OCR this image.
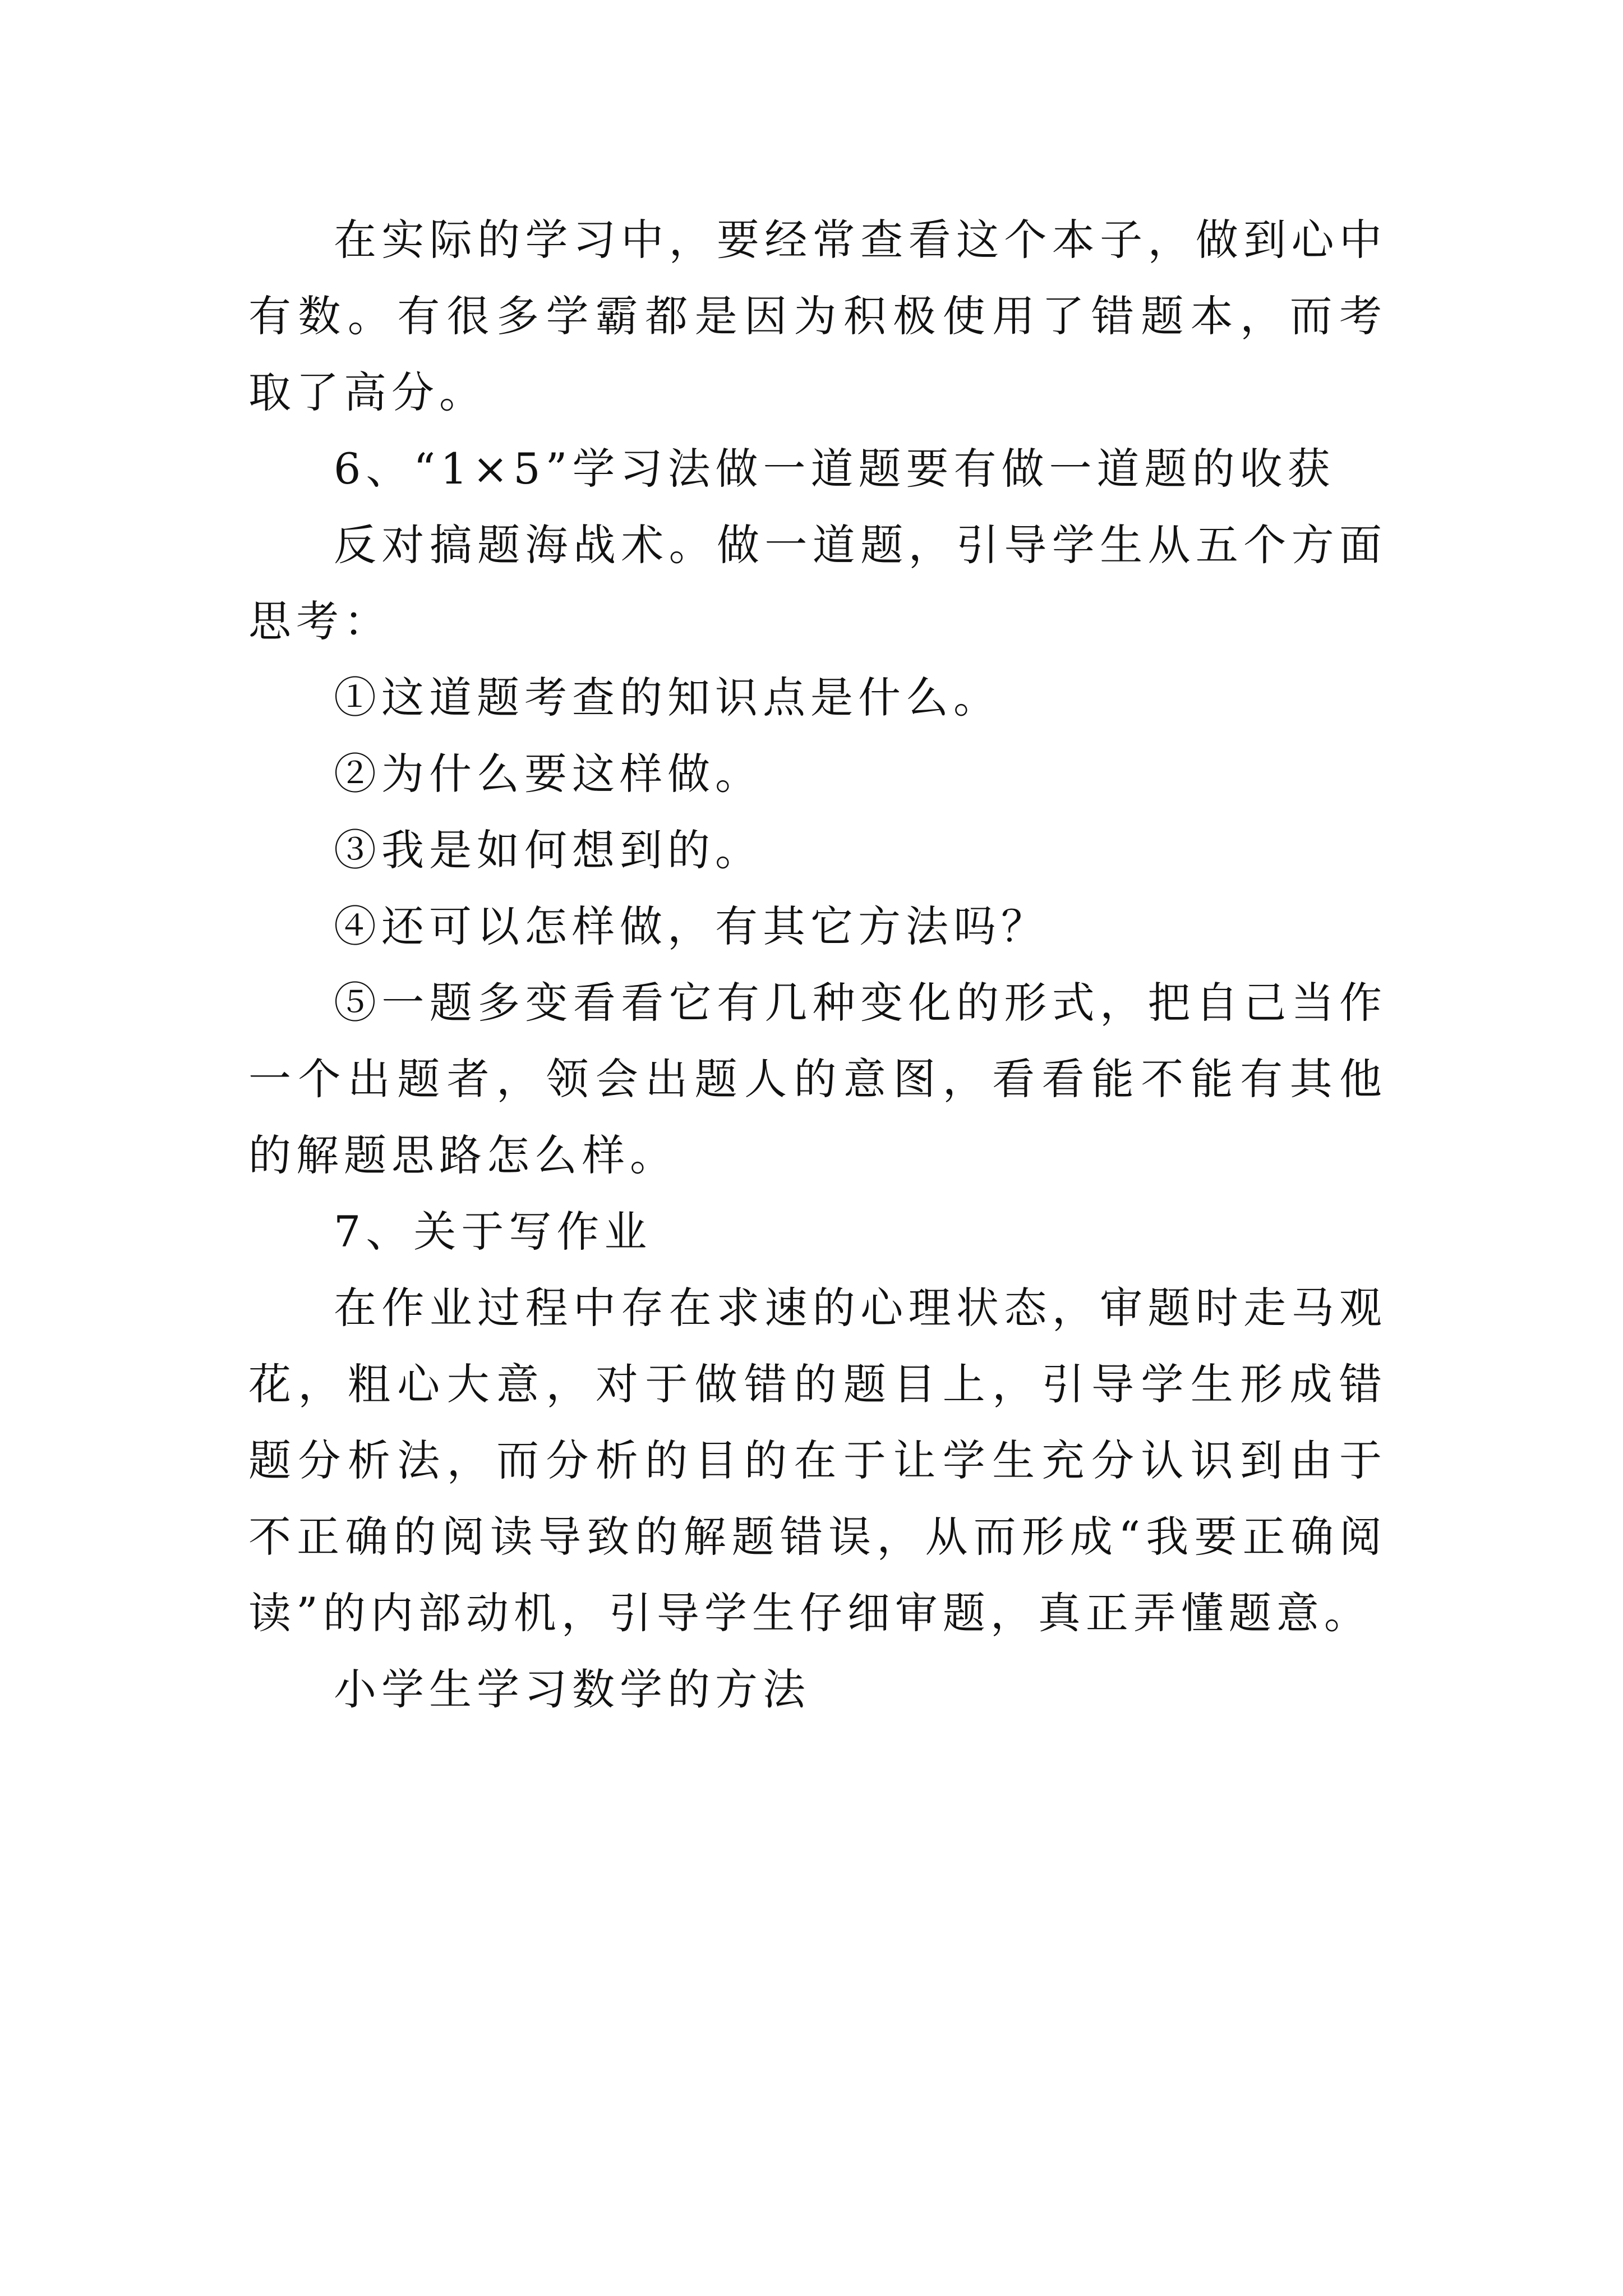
在实际的学习中，要经常查看这个本子，做到心中有数。有很多学霸都是因为积极使用了错题本，而考取了高分。

6、“1×5”学习法做一道题要有做一道题的收获

反对搞题海战术。做一道题，引导学生从五个方面思考：

①这道题考查的知识点是什么。

②为什么要这样做。

③我是如何想到的。

④还可以怎样做，有其它方法吗？

⑤一题多变看看它有几种变化的形式，把自己当作一个出题者，领会出题人的意图，看看能不能有其他的解题思路怎么样。

7、关于写作业

在作业过程中存在求速的心理状态，审题时走马观花，粗心大意，对于做错的题目上，引导学生形成错题分析法，而分析的目的在于让学生充分认识到由于不正确的阅读导致的解题错误，从而形成“我要正确阅读”的内部动机，引导学生仔细审题，真正弄懂题意。

小学生学习数学的方法
